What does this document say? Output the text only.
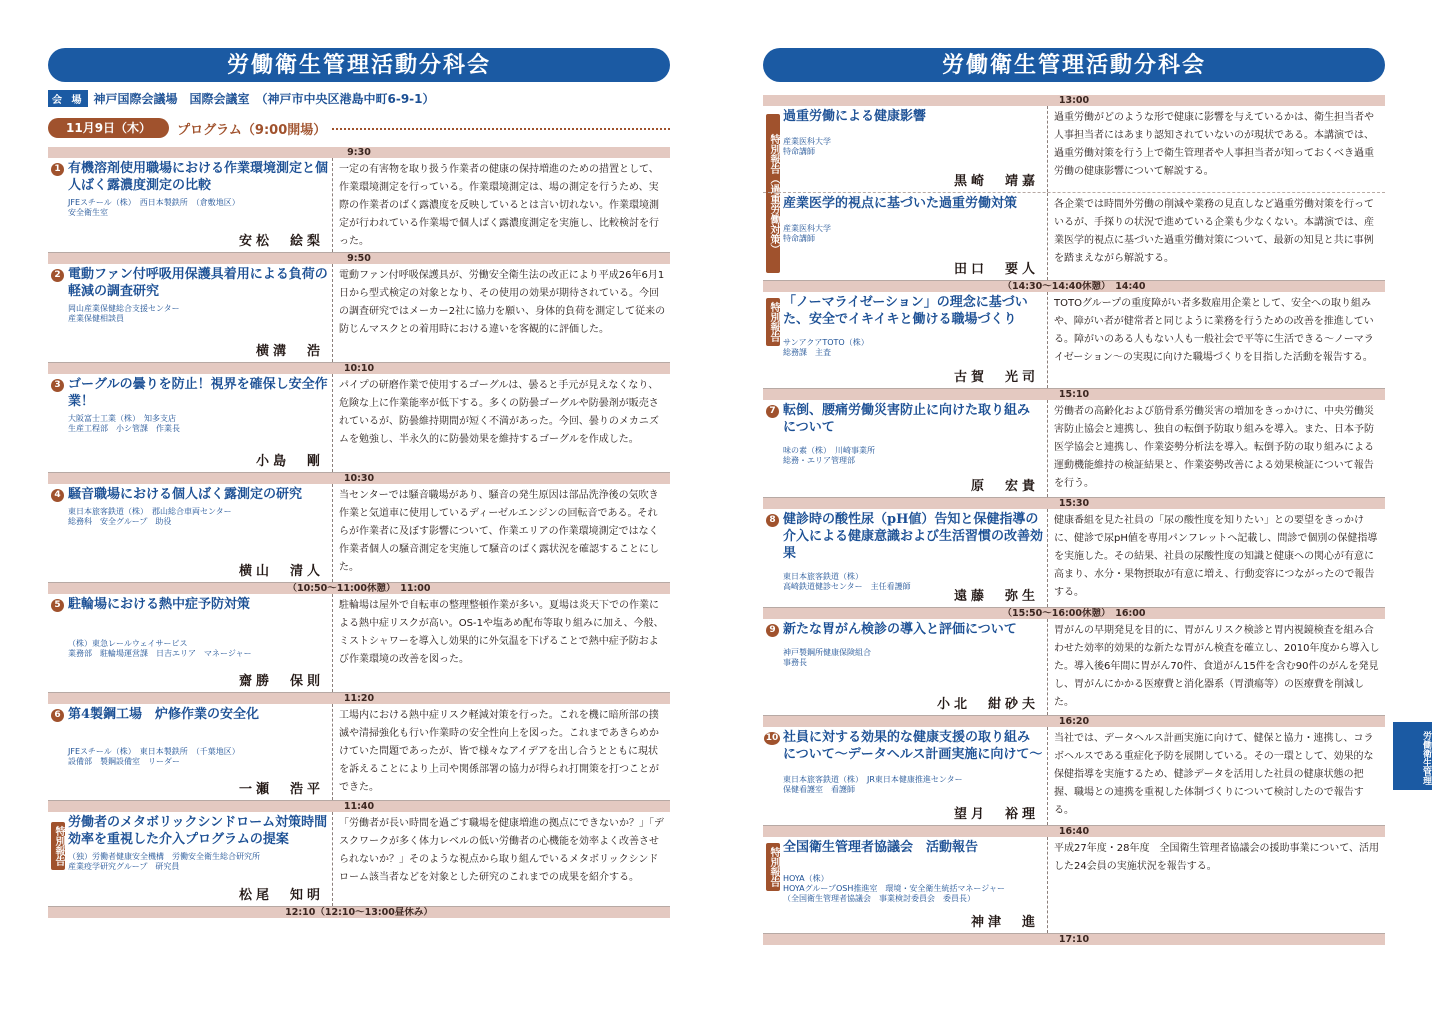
労働衛生管理活動分科会
会 場 神戸国際会議場　国際会議室　（神戸市中央区港島中町6-9-1）
11月9日（木）	プログラム（9:00開場）
9:30
1 有機溶剤使用職場における作業環境測定と個人ばく露濃度測定の比較
JFEスチール（株）　西日本製鉄所　（倉敷地区）
安全衛生室
安松　絵梨
一定の有害物を取り扱う作業者の健康の保持増進のための措置として、作業環境測定を行っている。作業環境測定は、場の測定を行うため、実際の作業者のばく露濃度を反映しているとは言い切れない。作業環境測定が行われている作業場で個人ばく露濃度測定を実施し、比較検討を行った。
9:50
2 電動ファン付呼吸用保護具着用による負荷の軽減の調査研究
岡山産業保健総合支援センター
産業保健相談員
横溝　浩
電動ファン付呼吸保護具が、労働安全衛生法の改正により平成26年6月1日から型式検定の対象となり、その使用の効果が期待されている。今回の調査研究ではメーカー2社に協力を願い、身体的負荷を測定して従来の防じんマスクとの着用時における違いを客観的に評価した。
10:10
3 ゴーグルの曇りを防止！視界を確保し安全作業！
大阪富士工業（株）　知多支店
生産工程部　小シ管課　作業長
小島　剛
パイプの研磨作業で使用するゴーグルは、曇ると手元が見えなくなり、危険な上に作業能率が低下する。多くの防曇ゴーグルや防曇剤が販売されているが、防曇維持期間が短く不満があった。今回、曇りのメカニズムを勉強し、半永久的に防曇効果を維持するゴーグルを作成した。
10:30
4 騒音職場における個人ばく露測定の研究
東日本旅客鉄道（株）　郡山総合車両センター
総務科　安全グループ　助役
横山　清人
当センターでは騒音職場があり、騒音の発生原因は部品洗浄後の気吹き作業と気道車に使用しているディーゼルエンジンの回転音である。それらが作業者に及ぼす影響について、作業エリアの作業環境測定ではなく作業者個人の騒音測定を実施して騒音のばく露状況を確認することにした。
（10:50〜11:00休憩）　11:00
5 駐輪場における熱中症予防対策
（株）東急レールウェイサービス
業務部　駐輪場運営課　日吉エリア　マネージャー
齋勝　保則
駐輪場は屋外で自転車の整理整頓作業が多い。夏場は炎天下での作業による熱中症リスクが高い。OS-1や塩あめ配布等取り組みに加え、今般、ミストシャワーを導入し効果的に外気温を下げることで熱中症予防および作業環境の改善を図った。
11:20
6 第4製鋼工場　炉修作業の安全化
JFEスチール（株）　東日本製鉄所　（千葉地区）
設備部　製鋼設備室　リーダー
一瀬　浩平
工場内における熱中症リスク軽減対策を行った。これを機に暗所部の撲滅や清掃強化も行い作業時の安全性向上を図った。これまであきらめかけていた問題であったが、皆で様々なアイデアを出し合うとともに現状を訴えることにより上司や関係部署の協力が得られ打開策を打つことができた。
11:40
特別報告
労働者のメタボリックシンドローム対策時間効率を重視した介入プログラムの提案
（独）労働者健康安全機構　労働安全衛生総合研究所
産業疫学研究グループ　研究員
松尾　知明
「労働者が長い時間を過ごす職場を健康増進の拠点にできないか？」「デスクワークが多く体力レベルの低い労働者の心機能を効率よく改善させられないか？」そのような視点から取り組んでいるメタボリックシンドローム該当者などを対象とした研究のこれまでの成果を紹介する。
12:10（12:10〜13:00昼休み）
労働衛生管理活動分科会
13:00
特別報告（過重労働対策）
過重労働による健康影響
産業医科大学
特命講師
黒崎　靖嘉
過重労働がどのような形で健康に影響を与えているかは、衛生担当者や人事担当者にはあまり認知されていないのが現状である。本講演では、過重労働対策を行う上で衛生管理者や人事担当者が知っておくべき過重労働の健康影響について解説する。
産業医学的視点に基づいた過重労働対策
産業医科大学
特命講師
田口　要人
各企業では時間外労働の削減や業務の見直しなど過重労働対策を行っているが、手探りの状況で進めている企業も少なくない。本講演では、産業医学的視点に基づいた過重労働対策について、最新の知見と共に事例を踏まえながら解説する。
（14:30〜14:40休憩）　14:40
特別報告 「ノーマライゼーション」の理念に基づいた、安全でイキイキと働ける職場づくり
サンアクアTOTO（株）
総務課　主査
古賀　光司
TOTOグループの重度障がい者多数雇用企業として、安全への取り組みや、障がい者が健常者と同じように業務を行うための改善を推進している。障がいのある人もない人も一般社会で平等に生活できる〜ノーマライゼーション〜の実現に向けた職場づくりを目指した活動を報告する。
15:10
7 転倒、腰痛労働災害防止に向けた取り組みについて
味の素（株）　川崎事業所
総務・エリア管理部
原　宏貴
労働者の高齢化および筋骨系労働災害の増加をきっかけに、中央労働災害防止協会と連携し、独自の転倒予防取り組みを導入。また、日本予防医学協会と連携し、作業姿勢分析法を導入。転倒予防の取り組みによる運動機能維持の検証結果と、作業姿勢改善による効果検証について報告を行う。
15:30
8 健診時の酸性尿（pH値）告知と保健指導の介入による健康意識および生活習慣の改善効果
東日本旅客鉄道（株）
高崎鉄道健診センター　主任看護師
遠藤　弥生
健康番組を見た社員の「尿の酸性度を知りたい」との要望をきっかけに、健診で尿pH値を専用パンフレットへ記載し、問診で個別の保健指導を実施した。その結果、社員の尿酸性度の知識と健康への関心が有意に高まり、水分・果物摂取が有意に増え、行動変容につながったので報告する。
（15:50〜16:00休憩）　16:00
9 新たな胃がん検診の導入と評価について
神戸製鋼所健康保険組合
事務長
小北　紺砂夫
胃がんの早期発見を目的に、胃がんリスク検診と胃内視鏡検査を組み合わせた効率的効果的な新たな胃がん検査を確立し、2010年度から導入した。導入後6年間に胃がん70件、食道がん15件を含む90件のがんを発見し、胃がんにかかる医療費と消化器系（胃潰瘍等）の医療費を削減した。
16:20
10 社員に対する効果的な健康支援の取り組みについて〜データヘルス計画実施に向けて〜
東日本旅客鉄道（株）　JR東日本健康推進センター
保健看護室　看護師
望月　裕理
当社では、データヘルス計画実施に向けて、健保と協力・連携し、コラボヘルスである重症化予防を展開している。その一環として、効果的な保健指導を実施するため、健診データを活用した社員の健康状態の把握、職場との連携を重視した体制づくりについて検討したので報告する。
16:40
特別報告 全国衛生管理者協議会　活動報告
HOYA（株）
HOYAグループOSH推進室　環境・安全衛生統括マネージャー
（全国衛生管理者協議会　事業検討委員会　委員長）
神津　進
平成27年度・28年度　全国衛生管理者協議会の援助事業について、活用した24会員の実施状況を報告する。
17:10
労働衛生管理
